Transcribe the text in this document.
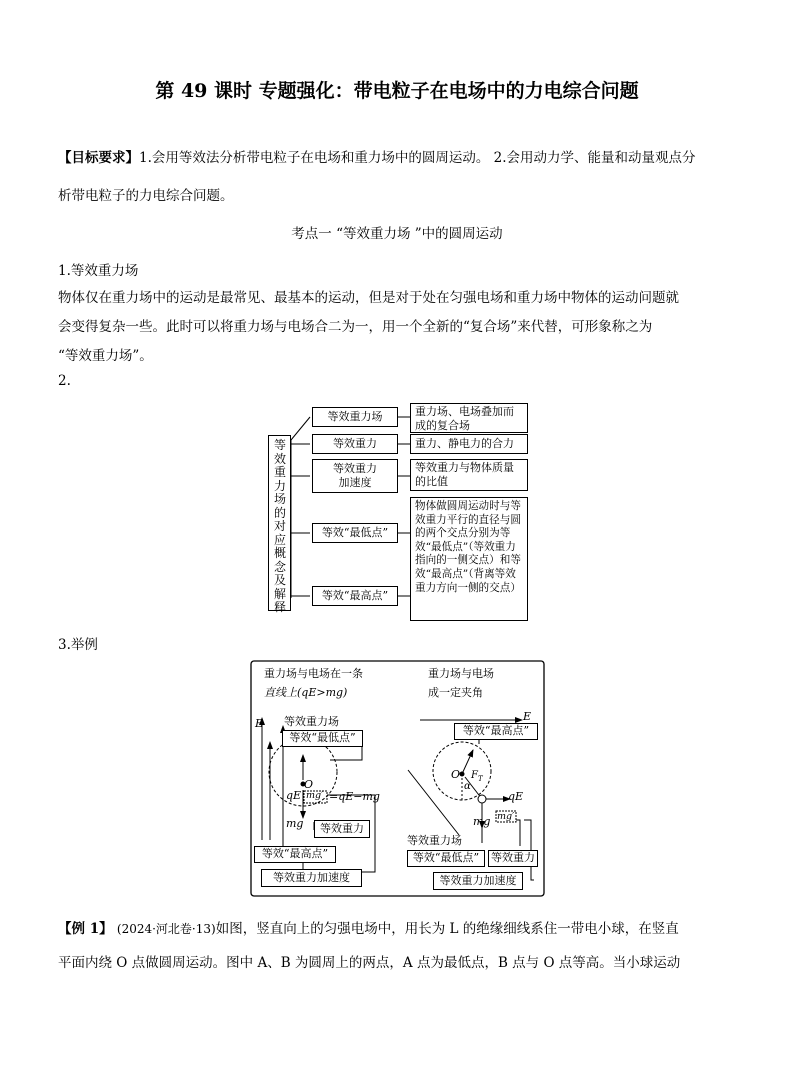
第 49 课时 专题强化：带电粒子在电场中的力电综合问题
【目标要求】1.会用等效法分析带电粒子在电场和重力场中的圆周运动。 2.会用动力学、能量和动量观点分
析带电粒子的力电综合问题。
考点一 “等效重力场 ”中的圆周运动
1.等效重力场
物体仅在重力场中的运动是最常见、最基本的运动，但是对于处在匀强电场和重力场中物体的运动问题就
会变得复杂一些。此时可以将重力场与电场合二为一，用一个全新的“复合场”来代替，可形象称之为
“等效重力场”。
2.
等效重力场的对应概念及解释
等效重力场
等效重力
等效重力加速度
等效“最低点”
等效“最高点”
重力场、电场叠加而成的复合场
重力、静电力的合力
等效重力与物体质量的比值
物体做圆周运动时与等效重力平行的直径与圆的两个交点分别为等效“最低点”（等效重力指向的一侧交点）和等效“最高点”（背离等效重力方向一侧的交点）
3.举例
重力场与电场在一条
直线上(qE>mg)
重力场与电场
成一定夹角
E 等效重力场
等效“最低点”
O
qE mg′ =qE−mg
mg	等效重力
等效“最高点”
等效重力加速度
E
等效“最高点”
O $F_T$
α
qE
mg mg′
等效重力场
等效“最低点”	等效重力
等效重力加速度
【例 1】 (2024·河北卷·13)如图，竖直向上的匀强电场中，用长为 L 的绝缘细线系住一带电小球，在竖直
平面内绕 O 点做圆周运动。图中 A、B 为圆周上的两点，A 点为最低点，B 点与 O 点等高。当小球运动
